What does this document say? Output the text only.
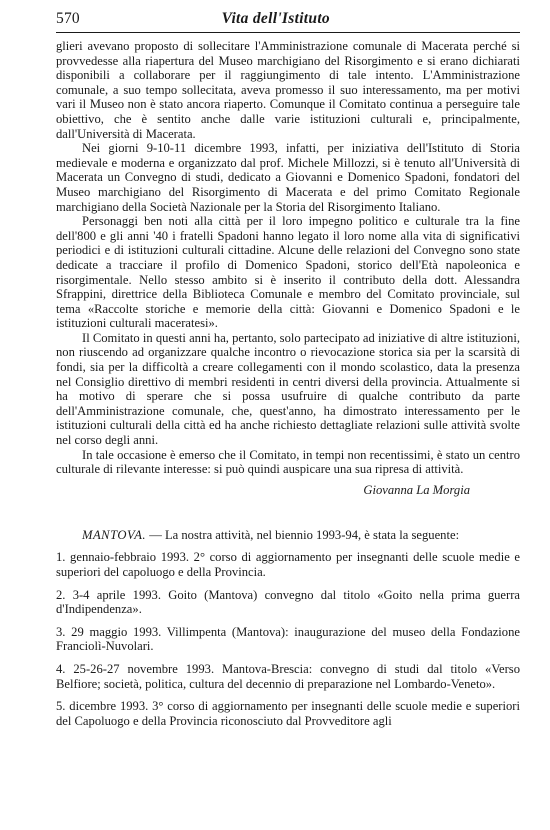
570	Vita dell'Istituto

glieri avevano proposto di sollecitare l'Amministrazione comunale di Macerata perché si provvedesse alla riapertura del Museo marchigiano del Risorgimento e si erano dichiarati disponibili a collaborare per il raggiungimento di tale intento. L'Amministrazione comunale, a suo tempo sollecitata, aveva promesso il suo interessamento, ma per motivi vari il Museo non è stato ancora riaperto. Comunque il Comitato continua a perseguire tale obiettivo, che è sentito anche dalle varie istituzioni culturali e, principalmente, dall'Università di Macerata.

Nei giorni 9-10-11 dicembre 1993, infatti, per iniziativa dell'Istituto di Storia medievale e moderna e organizzato dal prof. Michele Millozzi, si è tenuto all'Università di Macerata un Convegno di studi, dedicato a Giovanni e Domenico Spadoni, fondatori del Museo marchigiano del Risorgimento di Macerata e del primo Comitato Regionale marchigiano della Società Nazionale per la Storia del Risorgimento Italiano.

Personaggi ben noti alla città per il loro impegno politico e culturale tra la fine dell'800 e gli anni '40 i fratelli Spadoni hanno legato il loro nome alla vita di significativi periodici e di istituzioni culturali cittadine. Alcune delle relazioni del Convegno sono state dedicate a tracciare il profilo di Domenico Spadoni, storico dell'Età napoleonica e risorgimentale. Nello stesso ambito si è inserito il contributo della dott. Alessandra Sfrappini, direttrice della Biblioteca Comunale e membro del Comitato provinciale, sul tema «Raccolte storiche e memorie della città: Giovanni e Domenico Spadoni e le istituzioni culturali maceratesi».

Il Comitato in questi anni ha, pertanto, solo partecipato ad iniziative di altre istituzioni, non riuscendo ad organizzare qualche incontro o rievocazione storica sia per la scarsità di fondi, sia per la difficoltà a creare collegamenti con il mondo scolastico, data la presenza nel Consiglio direttivo di membri residenti in centri diversi della provincia. Attualmente si ha motivo di sperare che si possa usufruire di qualche contributo da parte dell'Amministrazione comunale, che, quest'anno, ha dimostrato interessamento per le istituzioni culturali della città ed ha anche richiesto dettagliate relazioni sulle attività svolte nel corso degli anni.

In tale occasione è emerso che il Comitato, in tempi non recentissimi, è stato un centro culturale di rilevante interesse: si può quindi auspicare una sua ripresa di attività.

Giovanna La Morgia

MANTOVA. — La nostra attività, nel biennio 1993-94, è stata la seguente:

1. gennaio-febbraio 1993. 2° corso di aggiornamento per insegnanti delle scuole medie e superiori del capoluogo e della Provincia.

2. 3-4 aprile 1993. Goito (Mantova) convegno dal titolo «Goito nella prima guerra d'Indipendenza».

3. 29 maggio 1993. Villimpenta (Mantova): inaugurazione del museo della Fondazione Franciolì-Nuvolari.

4. 25-26-27 novembre 1993. Mantova-Brescia: convegno di studi dal titolo «Verso Belfiore; società, politica, cultura del decennio di preparazione nel Lombardo-Veneto».

5. dicembre 1993. 3° corso di aggiornamento per insegnanti delle scuole medie e superiori del Capoluogo e della Provincia riconosciuto dal Provveditore agli
